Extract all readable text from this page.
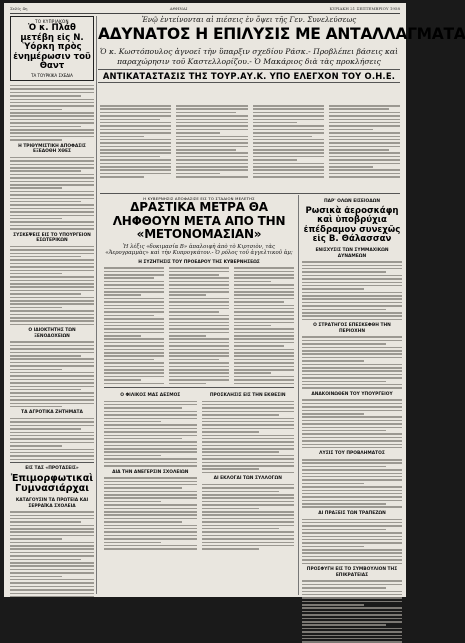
Σελίς 4η	ΑΘΗΝΑΙ	ΚΥΡΙΑΚΗ 21 ΣΕΠΤΕΜΒΡΙΟΥ 1958
ΤΟ ΚΥΠΡΙΑΚΟΝ
Ὁ κ. Πλάθ μετέβη εἰς Ν. Ὑόρκη πρὸς ἐνημέρωσιν τοῦ Θαντ
ΤΑ ΤΟΥΡΚΙΚΑ ΣΧΕΔΙΑ
Η ΤΡΙΘΥΜΙΣΤΙΚΗ ΑΠΟΦΑΣΙΣ ΕΞΕΔΟΘΗ ΧΘΕΣ
ΣΥΣΚΕΨΕΙΣ ΕΙΣ ΤΟ ΥΠΟΥΡΓΕΙΟΝ ΕΣΩΤΕΡΙΚΩΝ
Ο ΙΔΙΟΚΤΗΤΗΣ ΤΩΝ ΞΕΝΟΔΟΧΕΙΩΝ
ΤΑ ΑΓΡΟΤΙΚΑ ΖΗΤΗΜΑΤΑ
ΕΙΣ ΤΑΣ «ΠΡΟΤΑΣΕΙΣ»
Ἐπιμορφωτικαὶ Γυμνασιάρχαι
ΚΑΤΑΓΟΥΣΙΝ ΤΑ ΠΡΩΤΕΙΑ ΚΑΙ ΣΕΡΡΑΪΚΑ ΣΧΟΛΕΙΑ
Ἐνῷ ἐντείνονται αἱ πιέσεις ἐν ὄψει τῆς Γεν. Συνελεύσεως
ΑΔΥΝΑΤΟΣ Η ΕΠΙΛΥΣΙΣ ΜΕ ΑΝΤΑΛΛΑΓΜΑΤΑ
Ὁ κ. Κωστόπουλος ἀγνοεῖ τὴν ὕπαρξιν σχεδίου Ράσκ.- Προβλέπει βάσεις καὶ παραχώρησιν τοῦ Καστελλορίζου.- Ὁ Μακάριος διὰ τὰς προκλήσεις
ΑΝΤΙΚΑΤΑΣΤΑΣΙΣ ΤΗΣ ΤΟΥΡ.ΑΥ.Κ. ΥΠΟ ΕΛΕΓΧΟΝ ΤΟΥ Ο.Η.Ε.
Η ΚΥΒΕΡΝΗΣΙΣ ΑΠΟΦΑΣΙΣΕ ΕΙΣ ΤΟ ΣΤΑΔΙΟΝ ΜΕΛΕΤΗΣ
ΔΡΑΣΤΙΚΑ ΜΕΤΡΑ ΘΑ ΛΗΦΘΟΥΝ ΜΕΤΑ ΑΠΟ ΤΗΝ «ΜΕΤΟΝΟΜΑΣΙΑΝ»
Ἡ λέξις «δοκιμασία Β» ἀπαλοιφὴ ἀπὸ τὸ Κιρτσιὸν, τὰς «Ἀερογραμμὰς» καὶ τὴν Κυπρογκάτον.- Ὁ ρόλος τοῦ ἀγγελτικοῦ ἀμ;
Η ΣΥΖΗΤΗΣΙΣ ΤΟΥ ΠΡΟΕΔΡΟΥ ΤΗΣ ΚΥΒΕΡΝΗΣΕΩΣ
Ο ΦΙΛΙΚΟΣ ΜΑΣ ΔΕΣΜΟΣ
ΔΙΑ ΤΗΝ ΑΝΕΓΕΡΣΙΝ ΣΧΟΛΕΙΩΝ
ΠΡΟΣΚΛΗΣΙΣ ΕΙΣ ΤΗΝ ΕΚΘΕΣΙΝ
ΑΙ ΕΚΛΟΓΑΙ ΤΩΝ ΣΥΛΛΟΓΩΝ
ΠΑΡ' ΟΛΩΝ ΕΙΣΕΙΟΔΩΝ
Ρωσικὰ ἀεροσκάφη καὶ ὑποβρύχια ἐπέδραμον συνεχῶς εἰς Β. Θάλασσαν
ΕΝΙΣΧΥΣΙΣ ΤΩΝ ΣΥΜΜΑΧΙΚΩΝ ΔΥΝΑΜΕΩΝ
Ο ΣΤΡΑΤΗΓΟΣ ΕΠΕΣΚΕΦΘΗ ΤΗΝ ΠΕΡΙΟΧΗΝ
ΑΝΑΚΟΙΝΩΘΕΝ ΤΟΥ ΥΠΟΥΡΓΕΙΟΥ
ΛΥΣΙΣ ΤΟΥ ΠΡΟΒΛΗΜΑΤΟΣ
ΑΙ ΠΡΑΞΕΙΣ ΤΩΝ ΤΡΑΠΕΖΩΝ
ΠΡΟΣΦΥΓΗ ΕΙΣ ΤΟ ΣΥΜΒΟΥΛΙΟΝ ΤΗΣ ΕΠΙΚΡΑΤΕΙΑΣ
